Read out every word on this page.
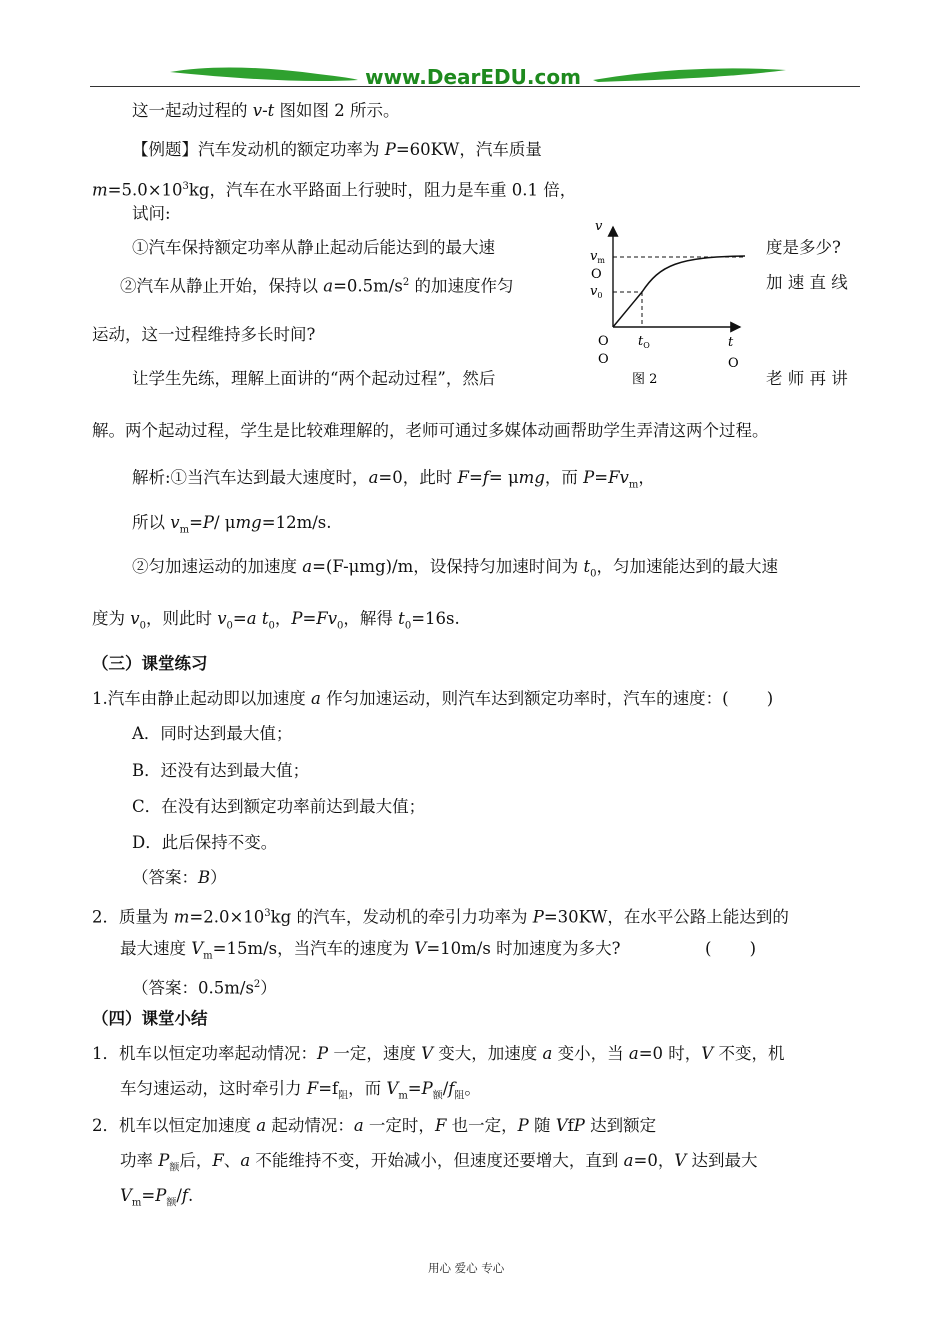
www.DearEDU.com
这一起动过程的 v-t 图如图 2 所示。
【例题】汽车发动机的额定功率为 P=60KW，汽车质量
$m=5.0\times 10^3kg$，汽车在水平路面上行驶时，阻力是车重 0.1 倍，
试问:
①汽车保持额定功率从静止起动后能达到的最大速	度是多少?
②汽车从静止开始，保持以 $a=0.5m/s^2$ 的加速度作匀	加 速 直 线
运动，这一过程维持多长时间?
让学生先练，理解上面讲的“两个起动过程”，然后	老 师 再 讲
解。两个起动过程，学生是比较难理解的，老师可通过多媒体动画帮助学生弄清这两个过程。
解析:①当汽车达到最大速度时，a=0，此时 F=f= μmg，而 $P=Fv_m$，
所以 $v_m=P/$ μmg=12m/s.
②匀加速运动的加速度 a=(F-μmg)/m，设保持匀加速时间为 $t_0$，匀加速能达到的最大速
度为 $v_0$，则此时 $v_0=a$ $t_0$，$P=Fv_0$，解得 $t_0=16s$.
（三）课堂练习
1.汽车由静止起动即以加速度 a 作匀加速运动，则汽车达到额定功率时，汽车的速度：(　　 )
A．同时达到最大值；
B．还没有达到最大值；
C．在没有达到额定功率前达到最大值；
D．此后保持不变。
（答案：B）
2．质量为 $m=2.0\times 10^3kg$ 的汽车，发动机的牵引力功率为 P=30KW，在水平公路上能达到的
最大速度 $V_m=15m/s$，当汽车的速度为 V=10m/s 时加速度为多大?	(　　 )
（答案：$0.5m/s^2$）
（四）课堂小结
1．机车以恒定功率起动情况：P 一定，速度 V 变大，加速度 a 变小，当 a=0 时，V 不变，机
车匀速运动，这时牵引力 $F=f_阻$，而 $V_m=P_额/f_阻$。
2．机车以恒定加速度 a 起动情况：a 一定时，F 也一定，P 随 VfP 达到额定
功率 $P_额$后，F、a 不能维持不变，开始减小，但速度还要增大，直到 a=0，V 达到最大
$V_m=P_额/f$.
v
$v_m$
O
$v_0$
O
O
$t_O$	t
O
图 2
用心 爱心 专心
